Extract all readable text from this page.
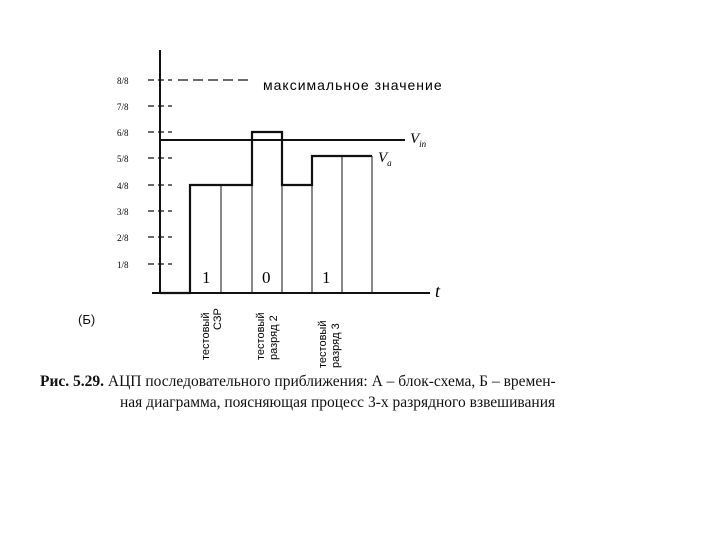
8/8
7/8
6/8
5/8
4/8
3/8
2/8
1/8
максимальное значение
$V_{in}$
$V_a$
1	0	1
t
тестовый СЗР	тестовый разряд 2	тестовый разряд 3
(Б)
Рис. 5.29. АЦП последовательного приближения: А – блок-схема, Б – времен-
ная диаграмма, поясняющая процесс 3-х разрядного взвешивания
